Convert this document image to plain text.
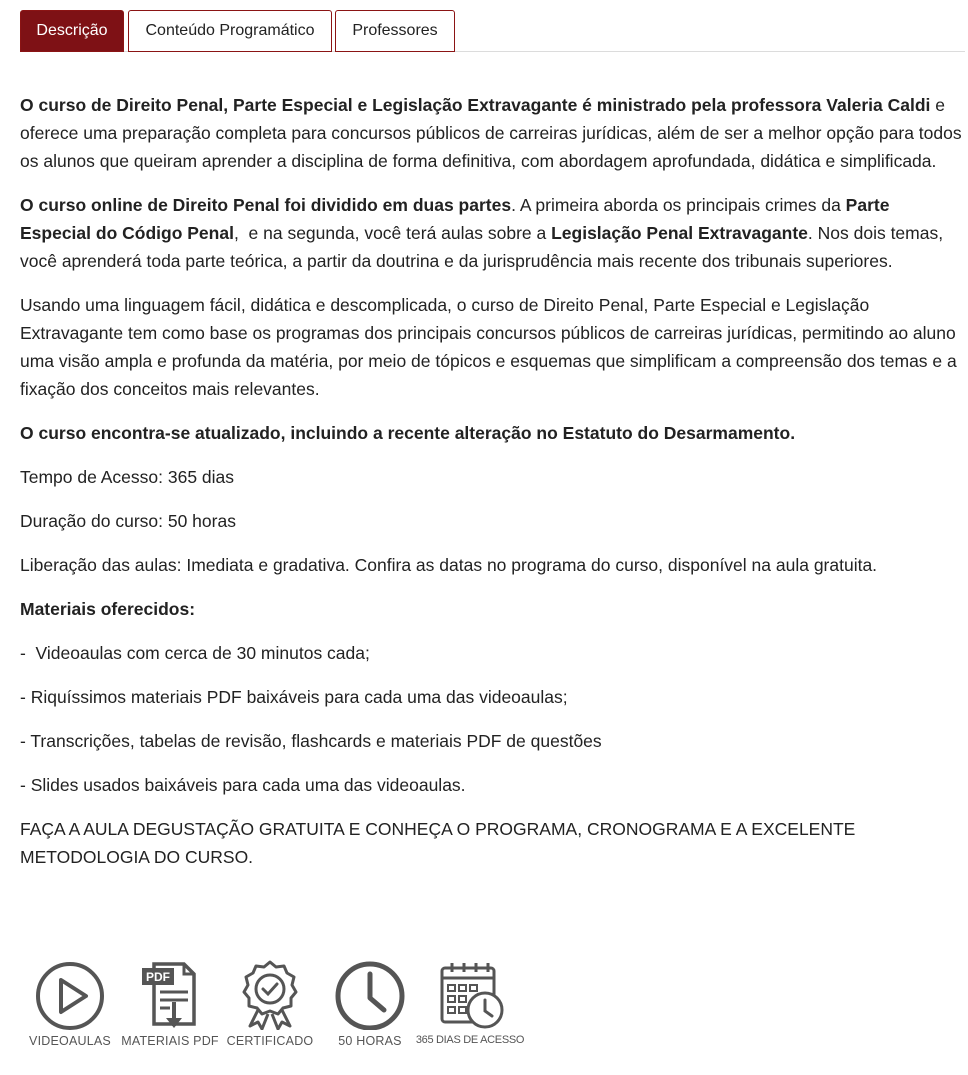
Descrição	Conteúdo Programático	Professores

O curso de Direito Penal, Parte Especial e Legislação Extravagante é ministrado pela professora Valeria Caldi e oferece uma preparação completa para concursos públicos de carreiras jurídicas, além de ser a melhor opção para todos os alunos que queiram aprender a disciplina de forma definitiva, com abordagem aprofundada, didática e simplificada.

O curso online de Direito Penal foi dividido em duas partes. A primeira aborda os principais crimes da Parte Especial do Código Penal,  e na segunda, você terá aulas sobre a Legislação Penal Extravagante. Nos dois temas, você aprenderá toda parte teórica, a partir da doutrina e da jurisprudência mais recente dos tribunais superiores.

Usando uma linguagem fácil, didática e descomplicada, o curso de Direito Penal, Parte Especial e Legislação Extravagante tem como base os programas dos principais concursos públicos de carreiras jurídicas, permitindo ao aluno uma visão ampla e profunda da matéria, por meio de tópicos e esquemas que simplificam a compreensão dos temas e a fixação dos conceitos mais relevantes.

O curso encontra-se atualizado, incluindo a recente alteração no Estatuto do Desarmamento.

Tempo de Acesso: 365 dias

Duração do curso: 50 horas

Liberação das aulas: Imediata e gradativa. Confira as datas no programa do curso, disponível na aula gratuita.

Materiais oferecidos:

-  Videoaulas com cerca de 30 minutos cada;

- Riquíssimos materiais PDF baixáveis para cada uma das videoaulas;

- Transcrições, tabelas de revisão, flashcards e materiais PDF de questões

- Slides usados baixáveis para cada uma das videoaulas.

FAÇA A AULA DEGUSTAÇÃO GRATUITA E CONHEÇA O PROGRAMA, CRONOGRAMA E A EXCELENTE METODOLOGIA DO CURSO.

VIDEOAULAS
PDF
MATERIAIS PDF CERTIFICADO	50 HORAS	365 DIAS DE ACESSO
